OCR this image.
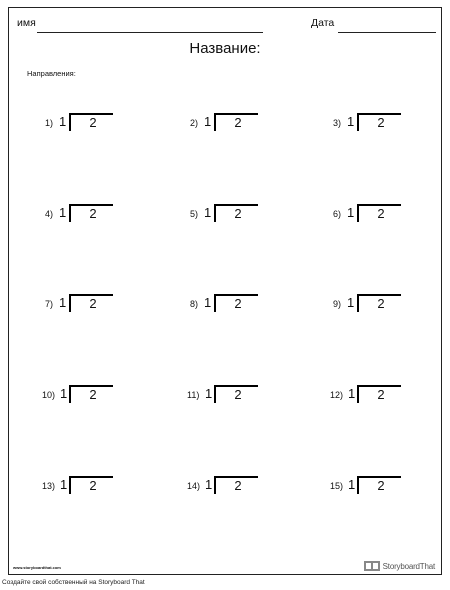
имя	Дата
Название:
Направления:
1) 1	2	2) 1	2	3) 1	2
4) 1	2	5) 1	2	6) 1	2
7) 1	2	8) 1	2	9) 1	2
10) 1	2	11) 1	2	12) 1	2
13) 1	2	14) 1	2	15) 1	2
www.storyboardthat.com	StoryboardThat
Создайте свой собственный на Storyboard That
